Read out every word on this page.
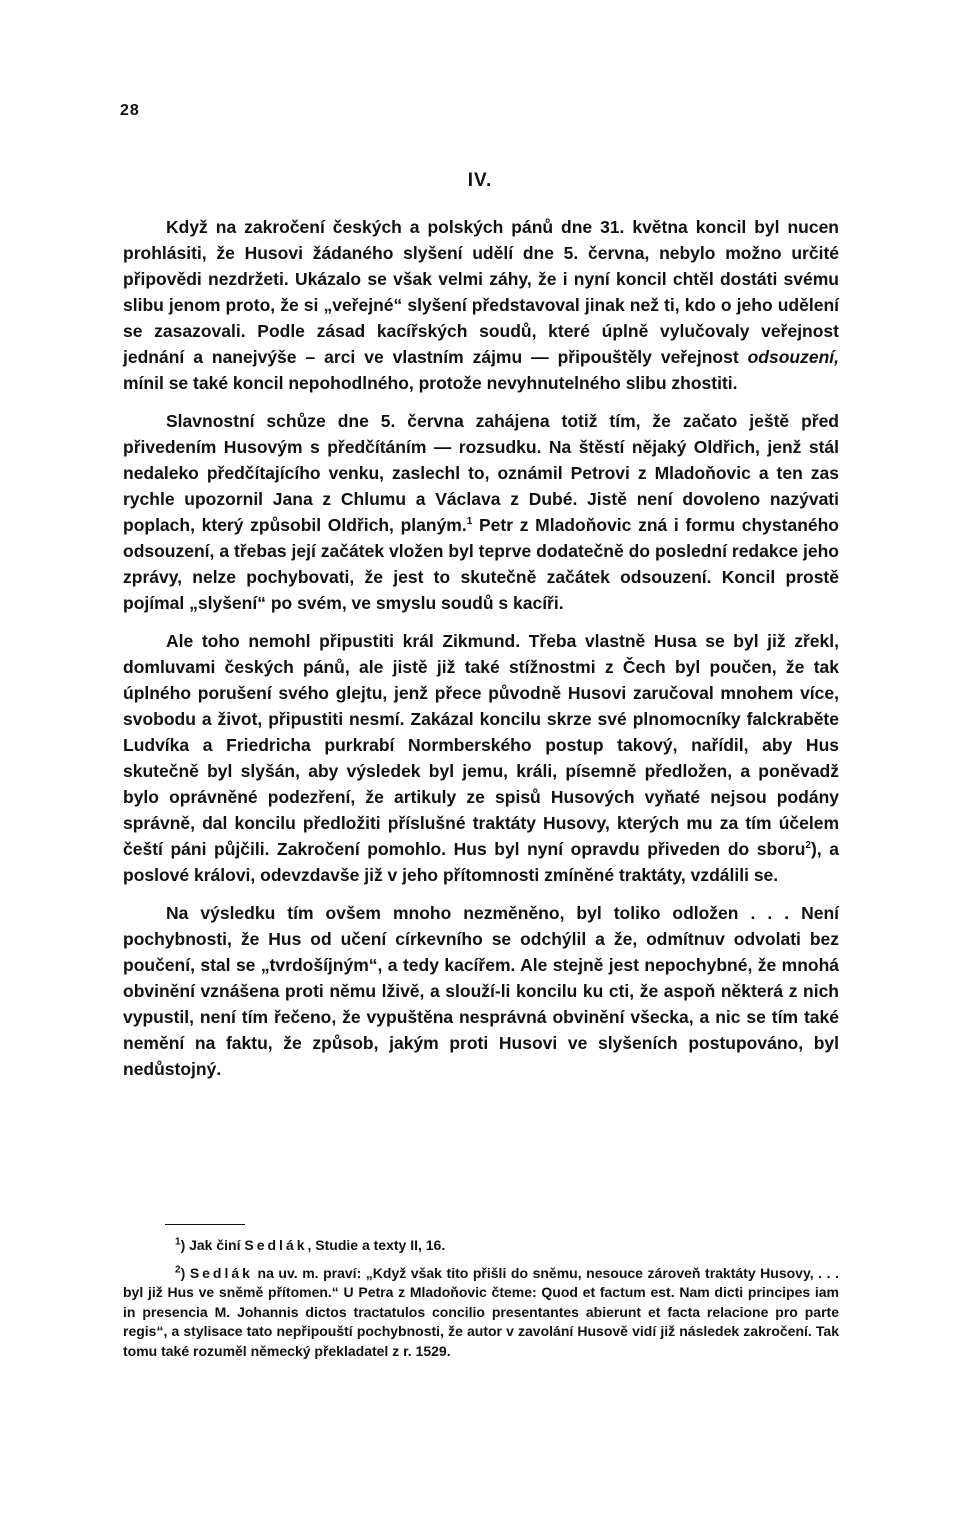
28
IV.

Když na zakročení českých a polských pánů dne 31. května koncil byl nucen prohlásiti, že Husovi žádaného slyšení udělí dne 5. června, nebylo možno určité připovědi nezdržeti. Ukázalo se však velmi záhy, že i nyní koncil chtěl dostáti svému slibu jenom proto, že si „veřejné“ slyšení představoval jinak než ti, kdo o jeho udělení se zasazovali. Podle zásad kacířských soudů, které úplně vylučovaly veřejnost jednání a nanejvýše – arci ve vlastním zájmu — připouštěly veřejnost odsouzení, mínil se také koncil nepohodlného, protože nevyhnutelného slibu zhostiti.

Slavnostní schůze dne 5. června zahájena totiž tím, že začato ještě před přivedením Husovým s předčítáním — rozsudku. Na štěstí nějaký Oldřich, jenž stál nedaleko předčítajícího venku, zaslechl to, oznámil Petrovi z Mladoňovic a ten zas rychle upozornil Jana z Chlumu a Václava z Dubé. Jistě není dovoleno nazývati poplach, který způsobil Oldřich, planým.$^1$ Petr z Mladoňovic zná i formu chystaného odsouzení, a třebas její začátek vložen byl teprve dodatečně do poslední redakce jeho zprávy, nelze pochybovati, že jest to skutečně začátek odsouzení. Koncil prostě pojímal „slyšení“ po svém, ve smyslu soudů s kacíři.

Ale toho nemohl připustiti král Zikmund. Třeba vlastně Husa se byl již zřekl, domluvami českých pánů, ale jistě již také stížnostmi z Čech byl poučen, že tak úplného porušení svého glejtu, jenž přece původně Husovi zaručoval mnohem více, svobodu a život, připustiti nesmí. Zakázal koncilu skrze své plnomocníky falckraběte Ludvíka a Friedricha purkrabí Normberského postup takový, nařídil, aby Hus skutečně byl slyšán, aby výsledek byl jemu, králi, písemně předložen, a poněvadž bylo oprávněné podezření, že artikuly ze spisů Husových vyňaté nejsou podány správně, dal koncilu předložiti příslušné traktáty Husovy, kterých mu za tím účelem čeští páni půjčili. Zakročení pomohlo. Hus byl nyní opravdu přiveden do sboru$^2$), a poslové královi, odevzdavše již v jeho přítomnosti zmíněné traktáty, vzdálili se.

Na výsledku tím ovšem mnoho nezměněno, byl toliko odložen . . . Není pochybnosti, že Hus od učení církevního se odchýlil a že, odmítnuv odvolati bez poučení, stal se „tvrdošíjným“, a tedy kacířem. Ale stejně jest nepochybné, že mnohá obvinění vznášena proti němu lživě, a slouží-li koncilu ku cti, že aspoň některá z nich vypustil, není tím řečeno, že vypuštěna nesprávná obvinění všecka, a nic se tím také nemění na faktu, že způsob, jakým proti Husovi ve slyšeních postupováno, byl nedůstojný.

$^1$) Jak činí Sedlák, Studie a texty II, 16.

$^2$) Sedlák na uv. m. praví: „Když však tito přišli do sněmu, nesouce zároveň traktáty Husovy, . . . byl již Hus ve sněmě přítomen.“ U Petra z Mladoňovic čteme: Quod et factum est. Nam dicti principes iam in presencia M. Johannis dictos tractatulos concilio presentantes abierunt et facta relacione pro parte regis“, a stylisace tato nepřipouští pochybnosti, že autor v zavolání Husově vidí již následek zakročení. Tak tomu také rozuměl německý překladatel z r. 1529.
